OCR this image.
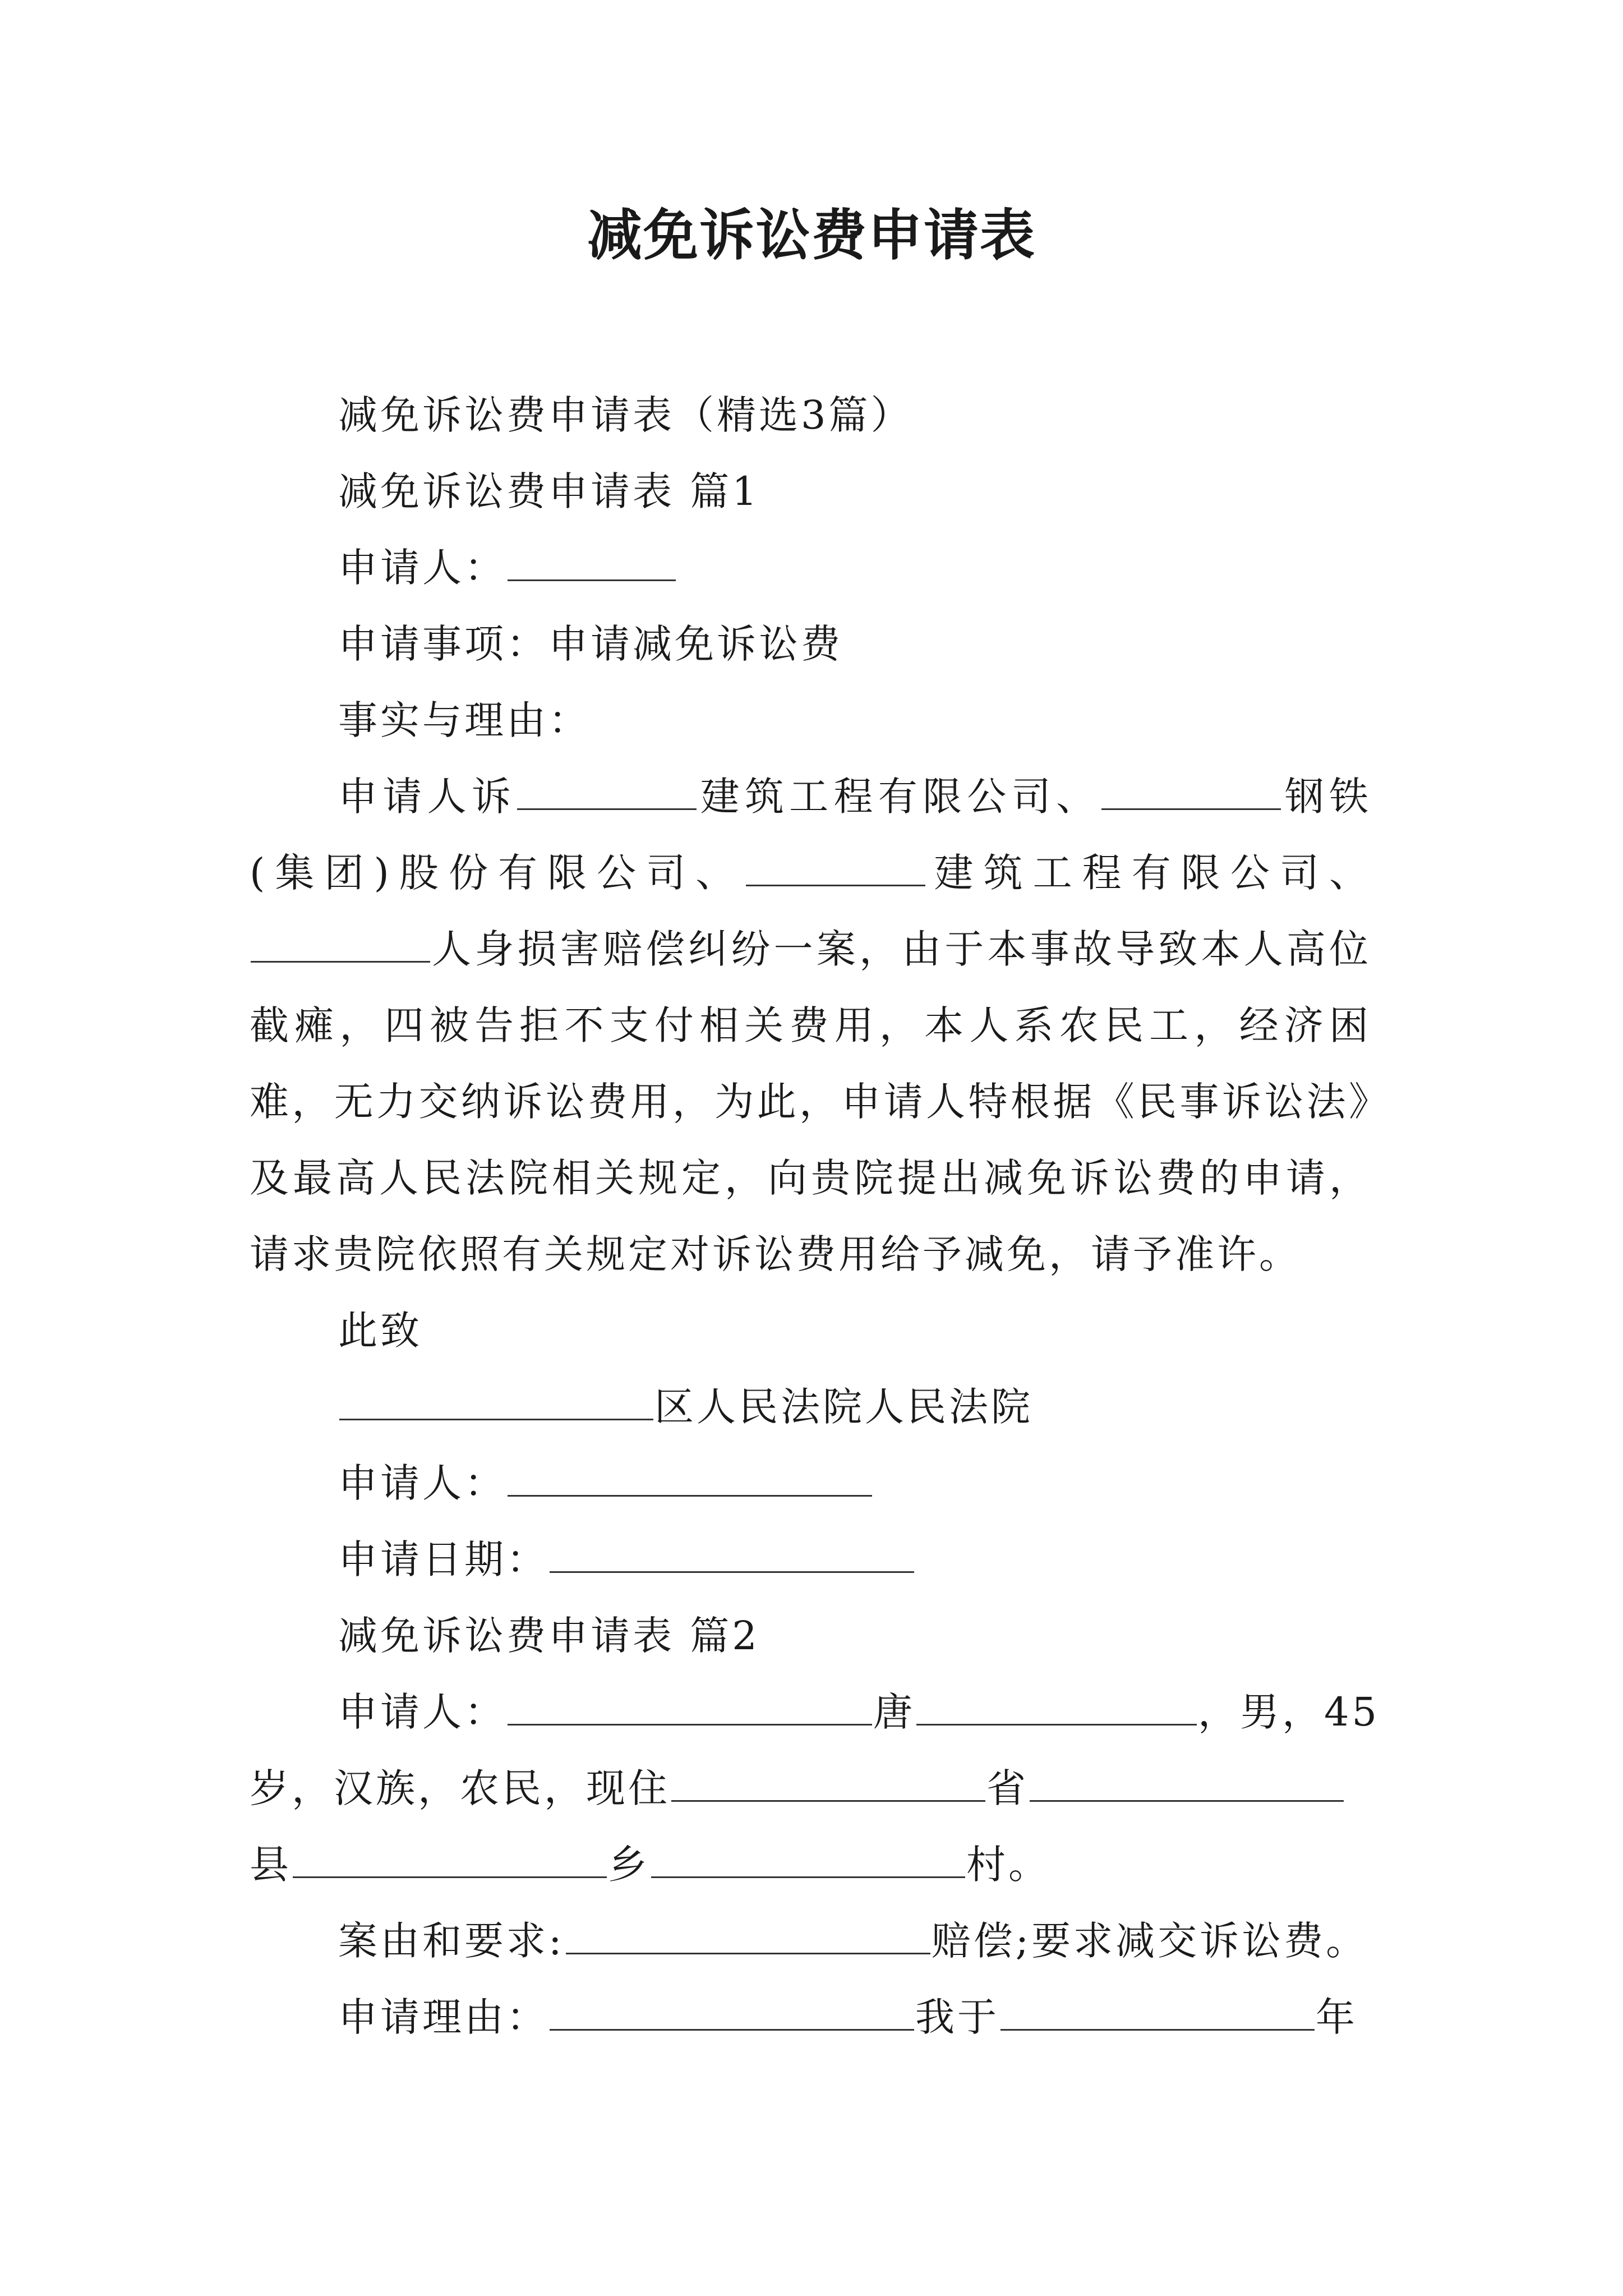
减免诉讼费申请表
减免诉讼费申请表（精选3篇）
减免诉讼费申请表 篇1
申请人：
申请事项：申请减免诉讼费
事实与理由：
申请人诉	建筑工程有限公司、	钢铁(集团)股份有限公司、	建筑工程有限公司、人身损害赔偿纠纷一案，由于本事故导致本人高位截瘫，四被告拒不支付相关费用，本人系农民工，经济困难，无力交纳诉讼费用，为此，申请人特根据《民事诉讼法》及最高人民法院相关规定，向贵院提出减免诉讼费的申请，请求贵院依照有关规定对诉讼费用给予减免，请予准许。
此致
区人民法院人民法院
申请人：
申请日期：
减免诉讼费申请表 篇2
申请人：	唐	，男，45
岁，汉族，农民，现住	省
县	乡	村。
案由和要求:	赔偿;要求减交诉讼费。
申请理由：	我于	年
